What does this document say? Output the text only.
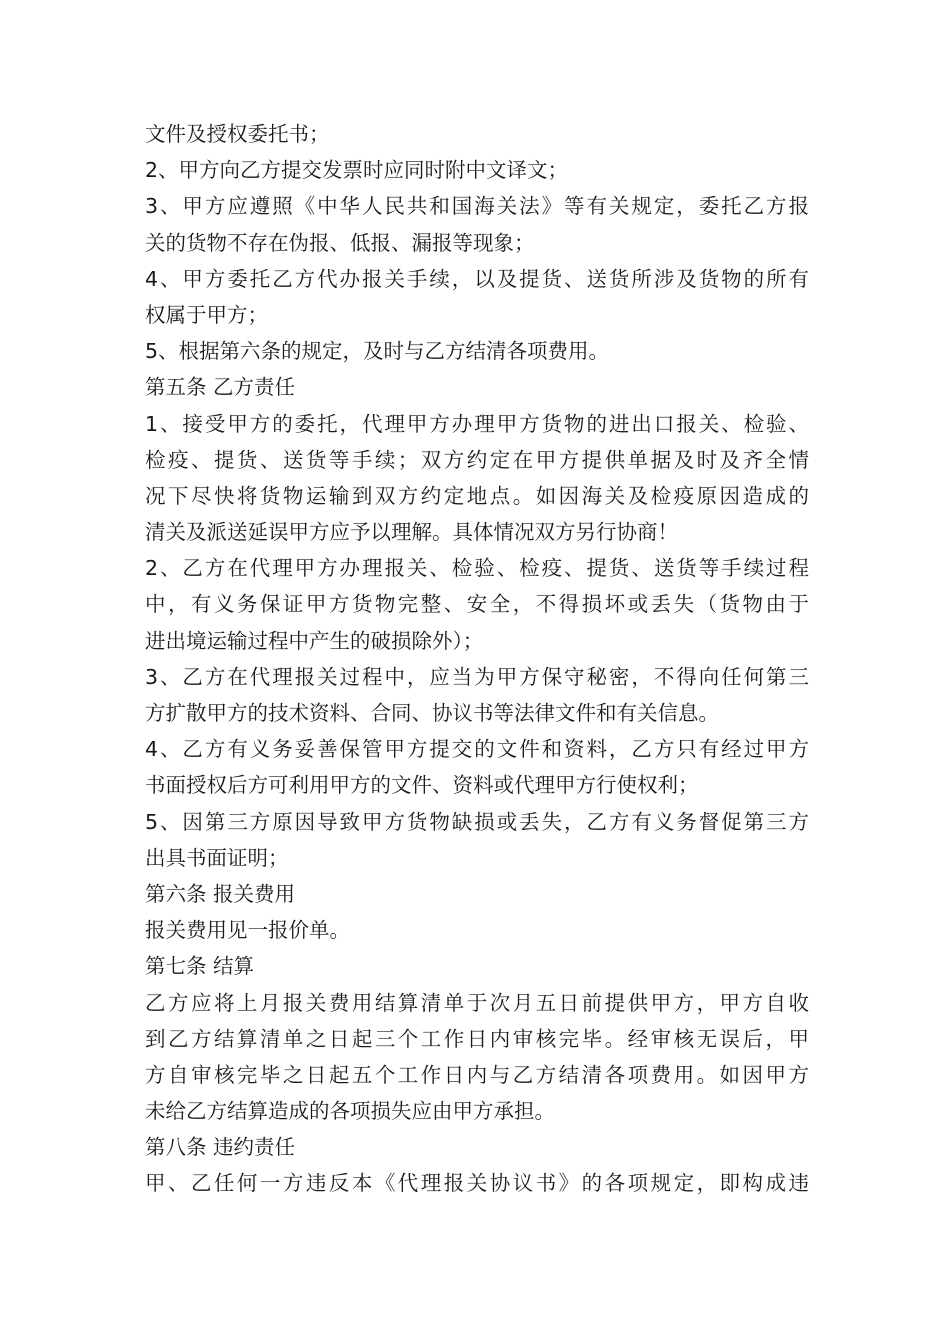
文件及授权委托书；
2、甲方向乙方提交发票时应同时附中文译文；
3、甲方应遵照《中华人民共和国海关法》等有关规定，委托乙方报
关的货物不存在伪报、低报、漏报等现象；
4、甲方委托乙方代办报关手续，以及提货、送货所涉及货物的所有
权属于甲方；
5、根据第六条的规定，及时与乙方结清各项费用。
第五条 乙方责任
1、接受甲方的委托，代理甲方办理甲方货物的进出口报关、检验、
检疫、提货、送货等手续；双方约定在甲方提供单据及时及齐全情
况下尽快将货物运输到双方约定地点。如因海关及检疫原因造成的
清关及派送延误甲方应予以理解。具体情况双方另行协商！
2、乙方在代理甲方办理报关、检验、检疫、提货、送货等手续过程
中，有义务保证甲方货物完整、安全，不得损坏或丢失（货物由于
进出境运输过程中产生的破损除外）；
3、乙方在代理报关过程中，应当为甲方保守秘密，不得向任何第三
方扩散甲方的技术资料、合同、协议书等法律文件和有关信息。
4、乙方有义务妥善保管甲方提交的文件和资料，乙方只有经过甲方
书面授权后方可利用甲方的文件、资料或代理甲方行使权利；
5、因第三方原因导致甲方货物缺损或丢失，乙方有义务督促第三方
出具书面证明；
第六条 报关费用
报关费用见一报价单。
第七条 结算
乙方应将上月报关费用结算清单于次月五日前提供甲方，甲方自收
到乙方结算清单之日起三个工作日内审核完毕。经审核无误后，甲
方自审核完毕之日起五个工作日内与乙方结清各项费用。如因甲方
未给乙方结算造成的各项损失应由甲方承担。
第八条 违约责任
甲、乙任何一方违反本《代理报关协议书》的各项规定，即构成违
